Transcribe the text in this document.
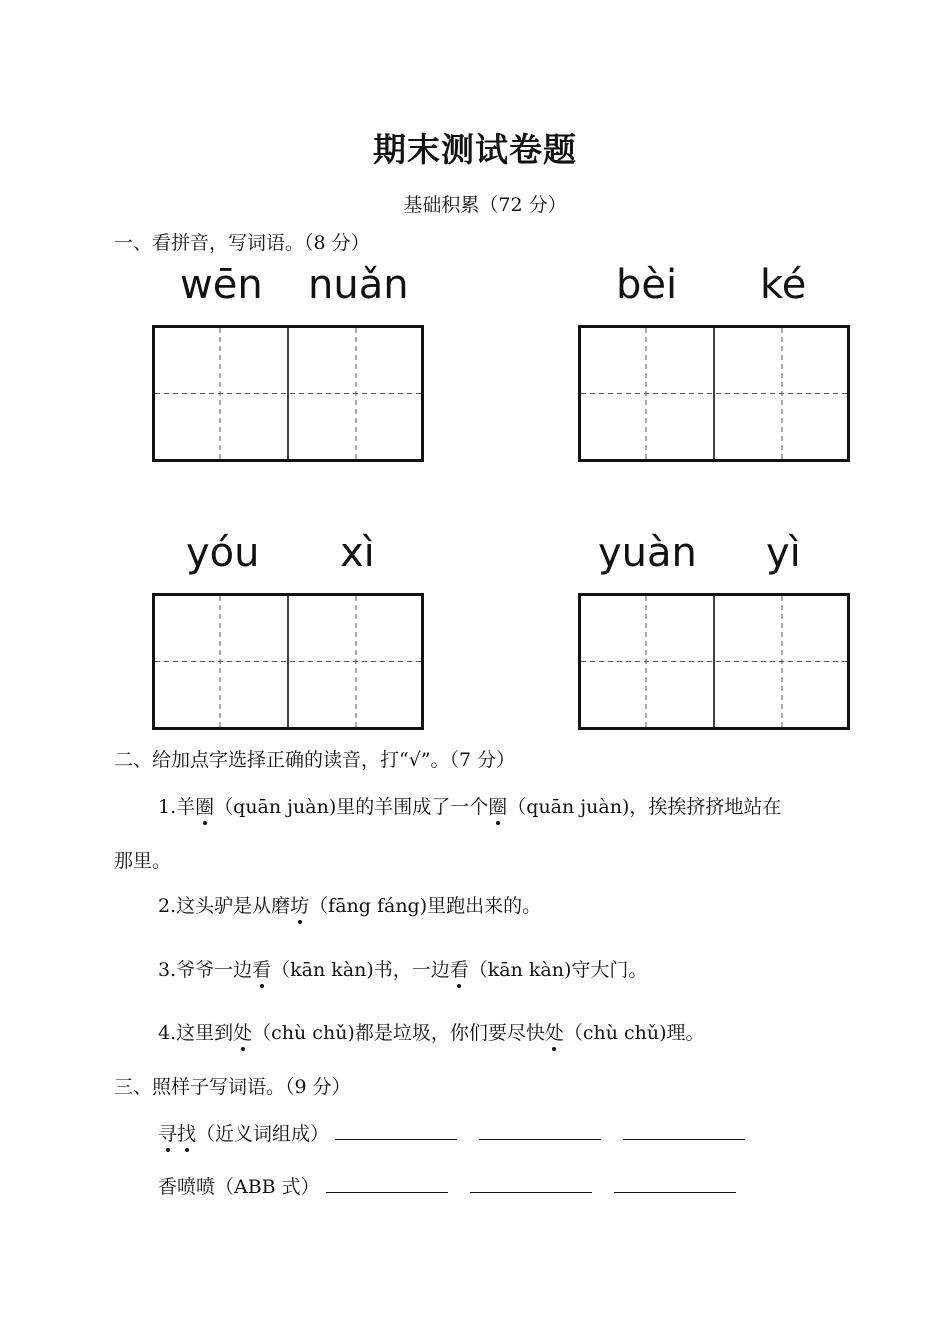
期末测试卷题
基础积累（72 分）
一、看拼音，写词语。（8 分）
wēn nuǎn	bèi ké
yóu xì	yuàn yì
二、给加点字选择正确的读音，打“√”。（7 分）
1.羊圈（quān juàn)里的羊围成了一个圈（quān juàn)，挨挨挤挤地站在
那里。
2.这头驴是从磨坊（fāng fáng)里跑出来的。
3.爷爷一边看（kān kàn)书，一边看（kān kàn)守大门。
4.这里到处（chù chǔ)都是垃圾，你们要尽快处（chù chǔ)理。
三、照样子写词语。（9 分）
寻找（近义词组成）
香喷喷（ABB 式）
